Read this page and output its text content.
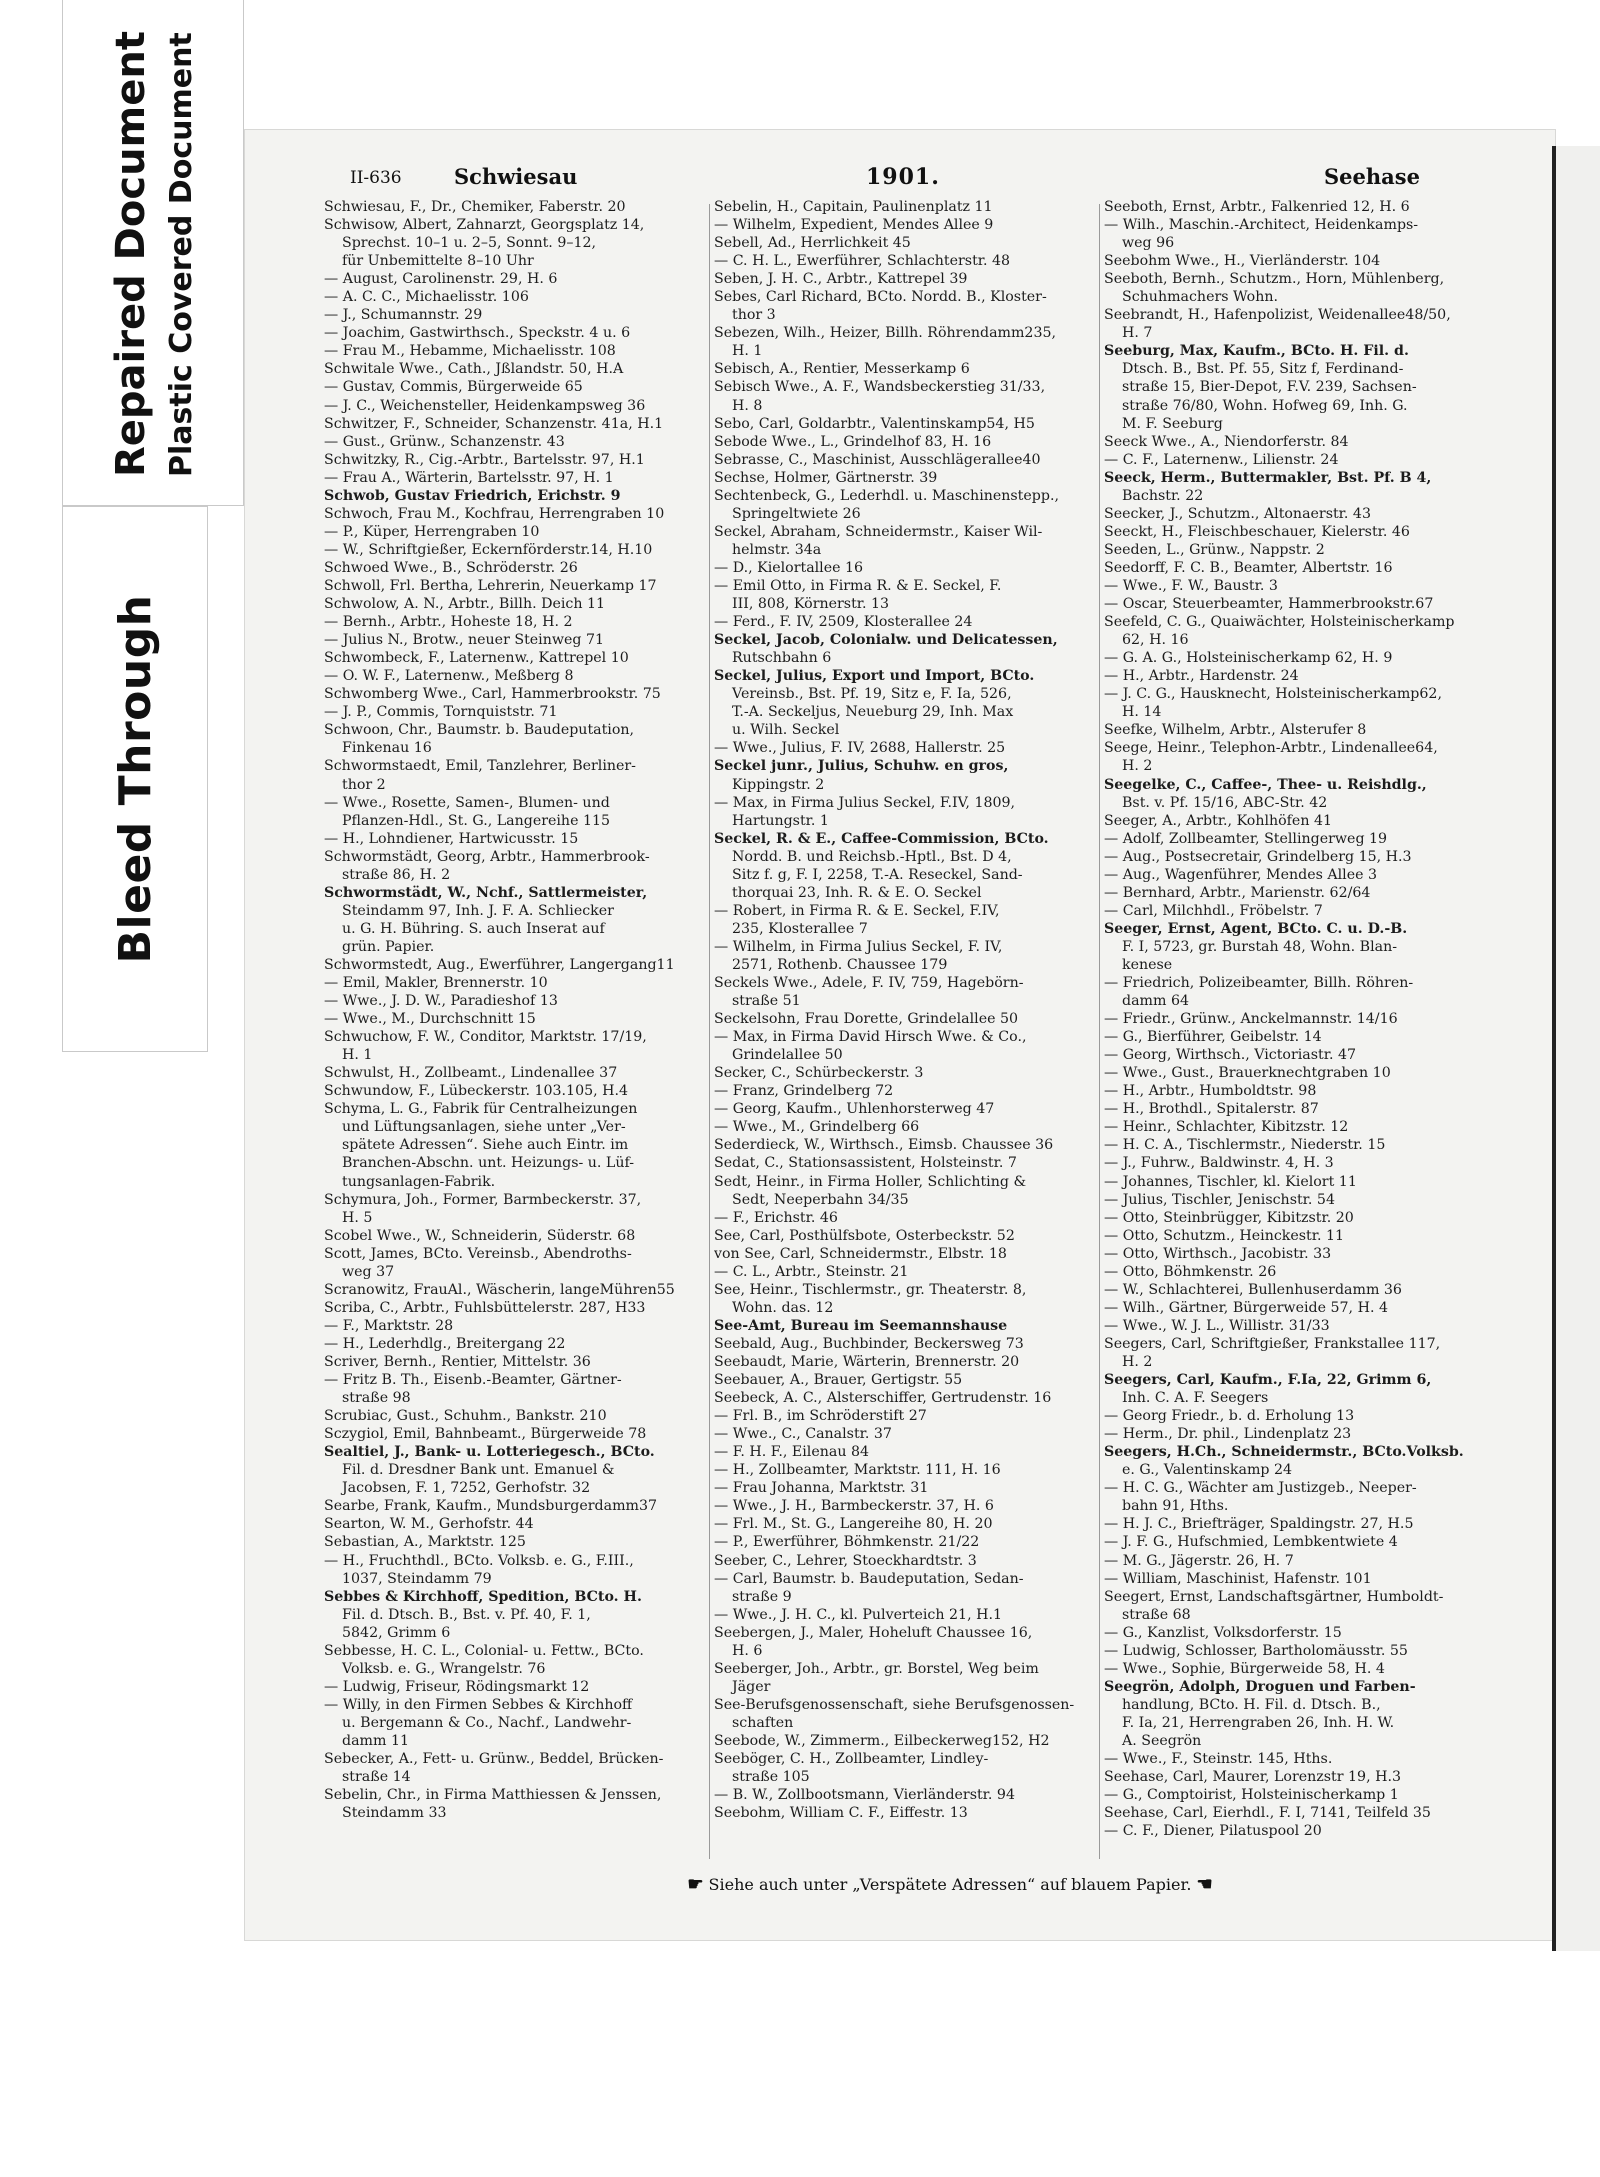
Bleed Through
Repaired Document Plastic Covered Document	II-636 Schwiesau	1901.	Seehase
Schwiesau, F., Dr., Chemiker, Faberstr. 20
Schwisow, Albert, Zahnarzt, Georgsplatz 14,
Sprechst. 10–1 u. 2–5, Sonnt. 9–12,
für Unbemittelte 8–10 Uhr
— August, Carolinenstr. 29, H. 6
— A. C. C., Michaelisstr. 106
— J., Schumannstr. 29
— Joachim, Gastwirthsch., Speckstr. 4 u. 6
— Frau M., Hebamme, Michaelisstr. 108
Schwitale Wwe., Cath., Jßlandstr. 50, H.A
— Gustav, Commis, Bürgerweide 65
— J. C., Weichensteller, Heidenkampsweg 36
Schwitzer, F., Schneider, Schanzenstr. 41a, H.1
— Gust., Grünw., Schanzenstr. 43
Schwitzky, R., Cig.-Arbtr., Bartelsstr. 97, H.1
— Frau A., Wärterin, Bartelsstr. 97, H. 1
Schwob, Gustav Friedrich, Erichstr. 9
Schwoch, Frau M., Kochfrau, Herrengraben 10
— P., Küper, Herrengraben 10
— W., Schriftgießer, Eckernförderstr.14, H.10
Schwoed Wwe., B., Schröderstr. 26
Schwoll, Frl. Bertha, Lehrerin, Neuerkamp 17
Schwolow, A. N., Arbtr., Billh. Deich 11
— Bernh., Arbtr., Hoheste 18, H. 2
— Julius N., Brotw., neuer Steinweg 71
Schwombeck, F., Laternenw., Kattrepel 10
— O. W. F., Laternenw., Meßberg 8
Schwomberg Wwe., Carl, Hammerbrookstr. 75
— J. P., Commis, Tornquiststr. 71
Schwoon, Chr., Baumstr. b. Baudeputation,
Finkenau 16
Schwormstaedt, Emil, Tanzlehrer, Berliner-
thor 2
— Wwe., Rosette, Samen-, Blumen- und
Pflanzen-Hdl., St. G., Langereihe 115
— H., Lohndiener, Hartwicusstr. 15
Schwormstädt, Georg, Arbtr., Hammerbrook-
straße 86, H. 2
Schwormstädt, W., Nchf., Sattlermeister,
Steindamm 97, Inh. J. F. A. Schliecker
u. G. H. Bühring. S. auch Inserat auf
grün. Papier.
Schwormstedt, Aug., Ewerführer, Langergang11
— Emil, Makler, Brennerstr. 10
— Wwe., J. D. W., Paradieshof 13
— Wwe., M., Durchschnitt 15
Schwuchow, F. W., Conditor, Marktstr. 17/19,
H. 1
Schwulst, H., Zollbeamt., Lindenallee 37
Schwundow, F., Lübeckerstr. 103.105, H.4
Schyma, L. G., Fabrik für Centralheizungen
und Lüftungsanlagen, siehe unter „Ver-
spätete Adressen“. Siehe auch Eintr. im
Branchen-Abschn. unt. Heizungs- u. Lüf-
tungsanlagen-Fabrik.
Schymura, Joh., Former, Barmbeckerstr. 37,
H. 5
Scobel Wwe., W., Schneiderin, Süderstr. 68
Scott, James, BCto. Vereinsb., Abendroths-
weg 37
Scranowitz, FrauAl., Wäscherin, langeMühren55
Scriba, C., Arbtr., Fuhlsbüttelerstr. 287, H33
— F., Marktstr. 28
— H., Lederhdlg., Breitergang 22
Scriver, Bernh., Rentier, Mittelstr. 36
— Fritz B. Th., Eisenb.-Beamter, Gärtner-
straße 98
Scrubiac, Gust., Schuhm., Bankstr. 210
Sczygiol, Emil, Bahnbeamt., Bürgerweide 78
Sealtiel, J., Bank- u. Lotteriegesch., BCto.
Fil. d. Dresdner Bank unt. Emanuel &
Jacobsen, F. 1, 7252, Gerhofstr. 32
Searbe, Frank, Kaufm., Mundsburgerdamm37
Searton, W. M., Gerhofstr. 44
Sebastian, A., Marktstr. 125
— H., Fruchthdl., BCto. Volksb. e. G., F.III.,
1037, Steindamm 79
Sebbes & Kirchhoff, Spedition, BCto. H.
Fil. d. Dtsch. B., Bst. v. Pf. 40, F. 1,
5842, Grimm 6
Sebbesse, H. C. L., Colonial- u. Fettw., BCto.
Volksb. e. G., Wrangelstr. 76
— Ludwig, Friseur, Rödingsmarkt 12
— Willy, in den Firmen Sebbes & Kirchhoff
u. Bergemann & Co., Nachf., Landwehr-
damm 11
Sebecker, A., Fett- u. Grünw., Beddel, Brücken-
straße 14
Sebelin, Chr., in Firma Matthiessen & Jenssen,
Steindamm 33
Sebelin, H., Capitain, Paulinenplatz 11
— Wilhelm, Expedient, Mendes Allee 9
Sebell, Ad., Herrlichkeit 45
— C. H. L., Ewerführer, Schlachterstr. 48
Seben, J. H. C., Arbtr., Kattrepel 39
Sebes, Carl Richard, BCto. Nordd. B., Kloster-
thor 3
Sebezen, Wilh., Heizer, Billh. Röhrendamm235,
H. 1
Sebisch, A., Rentier, Messerkamp 6
Sebisch Wwe., A. F., Wandsbeckerstieg 31/33,
H. 8
Sebo, Carl, Goldarbtr., Valentinskamp54, H5
Sebode Wwe., L., Grindelhof 83, H. 16
Sebrasse, C., Maschinist, Ausschlägerallee40
Sechse, Holmer, Gärtnerstr. 39
Sechtenbeck, G., Lederhdl. u. Maschinenstepp.,
Springeltwiete 26
Seckel, Abraham, Schneidermstr., Kaiser Wil-
helmstr. 34a
— D., Kielortallee 16
— Emil Otto, in Firma R. & E. Seckel, F.
III, 808, Körnerstr. 13
— Ferd., F. IV, 2509, Klosterallee 24
Seckel, Jacob, Colonialw. und Delicatessen,
Rutschbahn 6
Seckel, Julius, Export und Import, BCto.
Vereinsb., Bst. Pf. 19, Sitz e, F. Ia, 526,
T.-A. Seckeljus, Neueburg 29, Inh. Max
u. Wilh. Seckel
— Wwe., Julius, F. IV, 2688, Hallerstr. 25
Seckel junr., Julius, Schuhw. en gros,
Kippingstr. 2
— Max, in Firma Julius Seckel, F.IV, 1809,
Hartungstr. 1
Seckel, R. & E., Caffee-Commission, BCto.
Nordd. B. und Reichsb.-Hptl., Bst. D 4,
Sitz f. g, F. I, 2258, T.-A. Reseckel, Sand-
thorquai 23, Inh. R. & E. O. Seckel
— Robert, in Firma R. & E. Seckel, F.IV,
235, Klosterallee 7
— Wilhelm, in Firma Julius Seckel, F. IV,
2571, Rothenb. Chaussee 179
Seckels Wwe., Adele, F. IV, 759, Hagebörn-
straße 51
Seckelsohn, Frau Dorette, Grindelallee 50
— Max, in Firma David Hirsch Wwe. & Co.,
Grindelallee 50
Secker, C., Schürbeckerstr. 3
— Franz, Grindelberg 72
— Georg, Kaufm., Uhlenhorsterweg 47
— Wwe., M., Grindelberg 66
Sederdieck, W., Wirthsch., Eimsb. Chaussee 36
Sedat, C., Stationsassistent, Holsteinstr. 7
Sedt, Heinr., in Firma Holler, Schlichting &
Sedt, Neeperbahn 34/35
— F., Erichstr. 46
See, Carl, Posthülfsbote, Osterbeckstr. 52
von See, Carl, Schneidermstr., Elbstr. 18
— C. L., Arbtr., Steinstr. 21
See, Heinr., Tischlermstr., gr. Theaterstr. 8,
Wohn. das. 12
See-Amt, Bureau im Seemannshause
Seebald, Aug., Buchbinder, Beckersweg 73
Seebaudt, Marie, Wärterin, Brennerstr. 20
Seebauer, A., Brauer, Gertigstr. 55
Seebeck, A. C., Alsterschiffer, Gertrudenstr. 16
— Frl. B., im Schröderstift 27
— Wwe., C., Canalstr. 37
— F. H. F., Eilenau 84
— H., Zollbeamter, Marktstr. 111, H. 16
— Frau Johanna, Marktstr. 31
— Wwe., J. H., Barmbeckerstr. 37, H. 6
— Frl. M., St. G., Langereihe 80, H. 20
— P., Ewerführer, Böhmkenstr. 21/22
Seeber, C., Lehrer, Stoeckhardtstr. 3
— Carl, Baumstr. b. Baudeputation, Sedan-
straße 9
— Wwe., J. H. C., kl. Pulverteich 21, H.1
Seebergen, J., Maler, Hoheluft Chaussee 16,
H. 6
Seeberger, Joh., Arbtr., gr. Borstel, Weg beim
Jäger
See-Berufsgenossenschaft, siehe Berufsgenossen-
schaften
Seebode, W., Zimmerm., Eilbeckerweg152, H2
Seeböger, C. H., Zollbeamter, Lindley-
straße 105
— B. W., Zollbootsmann, Vierländerstr. 94
Seebohm, William C. F., Eiffestr. 13
Seeboth, Ernst, Arbtr., Falkenried 12, H. 6
— Wilh., Maschin.-Architect, Heidenkamps-
weg 96
Seebohm Wwe., H., Vierländerstr. 104
Seeboth, Bernh., Schutzm., Horn, Mühlenberg,
Schuhmachers Wohn.
Seebrandt, H., Hafenpolizist, Weidenallee48/50,
H. 7
Seeburg, Max, Kaufm., BCto. H. Fil. d.
Dtsch. B., Bst. Pf. 55, Sitz f, Ferdinand-
straße 15, Bier-Depot, F.V. 239, Sachsen-
straße 76/80, Wohn. Hofweg 69, Inh. G.
M. F. Seeburg
Seeck Wwe., A., Niendorferstr. 84
— C. F., Laternenw., Lilienstr. 24
Seeck, Herm., Buttermakler, Bst. Pf. B 4,
Bachstr. 22
Seecker, J., Schutzm., Altonaerstr. 43
Seeckt, H., Fleischbeschauer, Kielerstr. 46
Seeden, L., Grünw., Nappstr. 2
Seedorff, F. C. B., Beamter, Albertstr. 16
— Wwe., F. W., Baustr. 3
— Oscar, Steuerbeamter, Hammerbrookstr.67
Seefeld, C. G., Quaiwächter, Holsteinischerkamp
62, H. 16
— G. A. G., Holsteinischerkamp 62, H. 9
— H., Arbtr., Hardenstr. 24
— J. C. G., Hausknecht, Holsteinischerkamp62,
H. 14
Seefke, Wilhelm, Arbtr., Alsterufer 8
Seege, Heinr., Telephon-Arbtr., Lindenallee64,
H. 2
Seegelke, C., Caffee-, Thee- u. Reishdlg.,
Bst. v. Pf. 15/16, ABC-Str. 42
Seeger, A., Arbtr., Kohlhöfen 41
— Adolf, Zollbeamter, Stellingerweg 19
— Aug., Postsecretair, Grindelberg 15, H.3
— Aug., Wagenführer, Mendes Allee 3
— Bernhard, Arbtr., Marienstr. 62/64
— Carl, Milchhdl., Fröbelstr. 7
Seeger, Ernst, Agent, BCto. C. u. D.-B.
F. I, 5723, gr. Burstah 48, Wohn. Blan-
kenese
— Friedrich, Polizeibeamter, Billh. Röhren-
damm 64
— Friedr., Grünw., Anckelmannstr. 14/16
— G., Bierführer, Geibelstr. 14
— Georg, Wirthsch., Victoriastr. 47
— Wwe., Gust., Brauerknechtgraben 10
— H., Arbtr., Humboldtstr. 98
— H., Brothdl., Spitalerstr. 87
— Heinr., Schlachter, Kibitzstr. 12
— H. C. A., Tischlermstr., Niederstr. 15
— J., Fuhrw., Baldwinstr. 4, H. 3
— Johannes, Tischler, kl. Kielort 11
— Julius, Tischler, Jenischstr. 54
— Otto, Steinbrügger, Kibitzstr. 20
— Otto, Schutzm., Heinckestr. 11
— Otto, Wirthsch., Jacobistr. 33
— Otto, Böhmkenstr. 26
— W., Schlachterei, Bullenhuserdamm 36
— Wilh., Gärtner, Bürgerweide 57, H. 4
— Wwe., W. J. L., Willistr. 31/33
Seegers, Carl, Schriftgießer, Frankstallee 117,
H. 2
Seegers, Carl, Kaufm., F.Ia, 22, Grimm 6,
Inh. C. A. F. Seegers
— Georg Friedr., b. d. Erholung 13
— Herm., Dr. phil., Lindenplatz 23
Seegers, H.Ch., Schneidermstr., BCto.Volksb.
e. G., Valentinskamp 24
— H. C. G., Wächter am Justizgeb., Neeper-
bahn 91, Hths.
— H. J. C., Briefträger, Spaldingstr. 27, H.5
— J. F. G., Hufschmied, Lembkentwiete 4
— M. G., Jägerstr. 26, H. 7
— William, Maschinist, Hafenstr. 101
Seegert, Ernst, Landschaftsgärtner, Humboldt-
straße 68
— G., Kanzlist, Volksdorferstr. 15
— Ludwig, Schlosser, Bartholomäusstr. 55
— Wwe., Sophie, Bürgerweide 58, H. 4
Seegrön, Adolph, Droguen und Farben-
handlung, BCto. H. Fil. d. Dtsch. B.,
F. Ia, 21, Herrengraben 26, Inh. H. W.
A. Seegrön
— Wwe., F., Steinstr. 145, Hths.
Seehase, Carl, Maurer, Lorenzstr 19, H.3
— G., Comptoirist, Holsteinischerkamp 1
Seehase, Carl, Eierhdl., F. I, 7141, Teilfeld 35
— C. F., Diener, Pilatuspool 20
☛ Siehe auch unter „Verspätete Adressen“ auf blauem Papier. ☚
